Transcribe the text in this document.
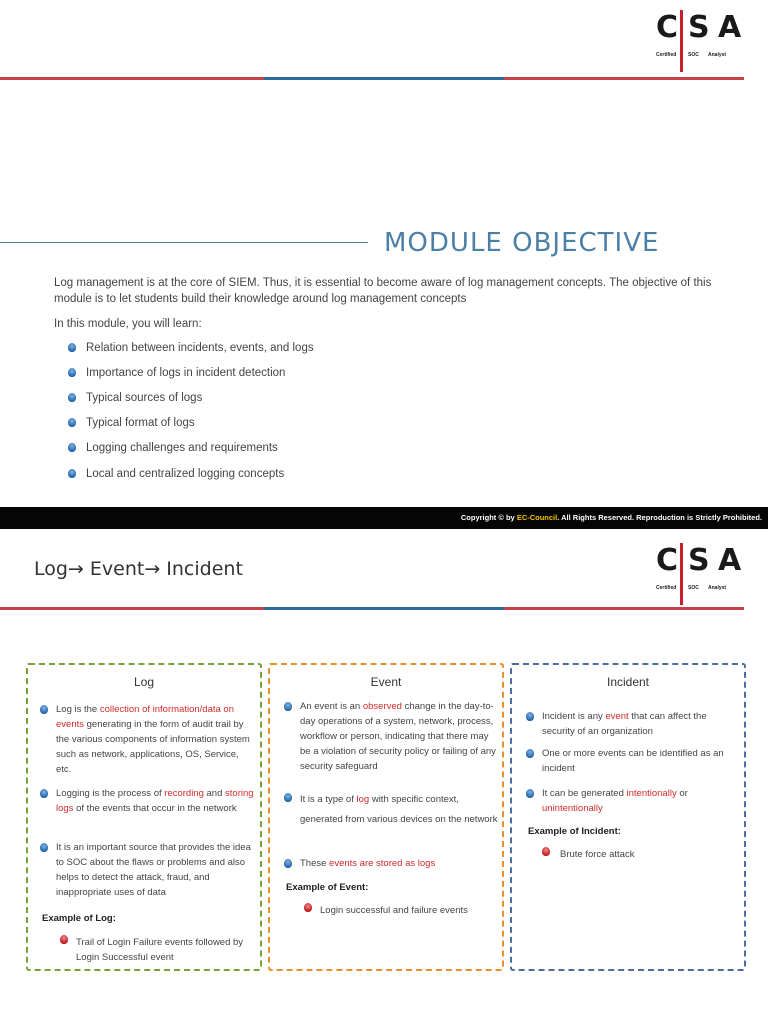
C S A
Certified SOC Analyst
MODULE OBJECTIVE
Log management is at the core of SIEM. Thus, it is essential to become aware of log management concepts. The objective of this module is to let students build their knowledge around log management concepts
In this module, you will learn:
Relation between incidents, events, and logs
Importance of logs in incident detection
Typical sources of logs
Typical format of logs
Logging challenges and requirements
Local and centralized logging concepts
Copyright © by EC-Council. All Rights Reserved. Reproduction is Strictly Prohibited.
Log→ Event→ Incident	C S A
Certified SOC Analyst
Log
Log is the collection of information/data on events generating in the form of audit trail by the various components of information system such as network, applications, OS, Service, etc.
Logging is the process of recording and storing logs of the events that occur in the network
It is an important source that provides the idea to SOC about the flaws or problems and also helps to detect the attack, fraud, and inappropriate uses of data
Example of Log:
Trail of Login Failure events followed by Login Successful event
Event
An event is an observed change in the day-to-day operations of a system, network, process, workflow or person, indicating that there may be a violation of security policy or failing of any security safeguard
It is a type of log with specific context, generated from various devices on the network
These events are stored as logs
Example of Event:
Login successful and failure events
Incident
Incident is any event that can affect the security of an organization
One or more events can be identified as an incident
It can be generated intentionally or unintentionally
Example of Incident:
Brute force attack
